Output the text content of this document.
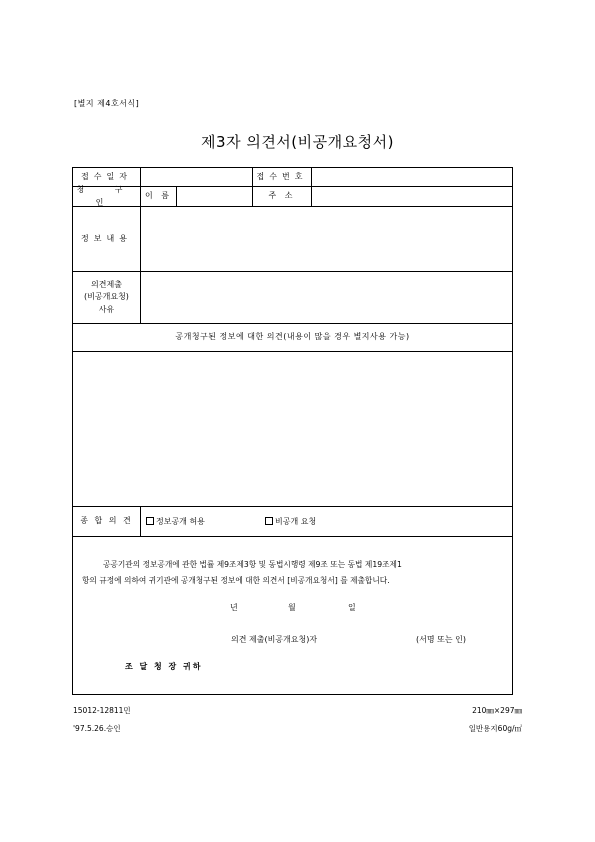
[별지 제4호서식]
제3자 의견서(비공개요청서)
접수일자	접수번호
청 구 인
이 름	주 소
정보내용
의견제출
(비공개요청)
사유
공개청구된 정보에 대한 의견(내용이 많을 경우 별지사용 가능)
종 합 의 견	정보공개 허용	비공개 요청
공공기관의 정보공개에 관한 법률 제9조제3항 및 동법시행령 제9조 또는 동법 제19조제1
항의 규정에 의하여 귀기관에 공개청구된 정보에 대한 의견서 [비공개요청서] 를 제출합니다.
년	월	일
의견 제출(비공개요청)자	(서명 또는 인)
조 달 청 장 귀하
15012-12811민
'97.5.26.승인
210㎜×297㎜
일반용지60g/㎡
